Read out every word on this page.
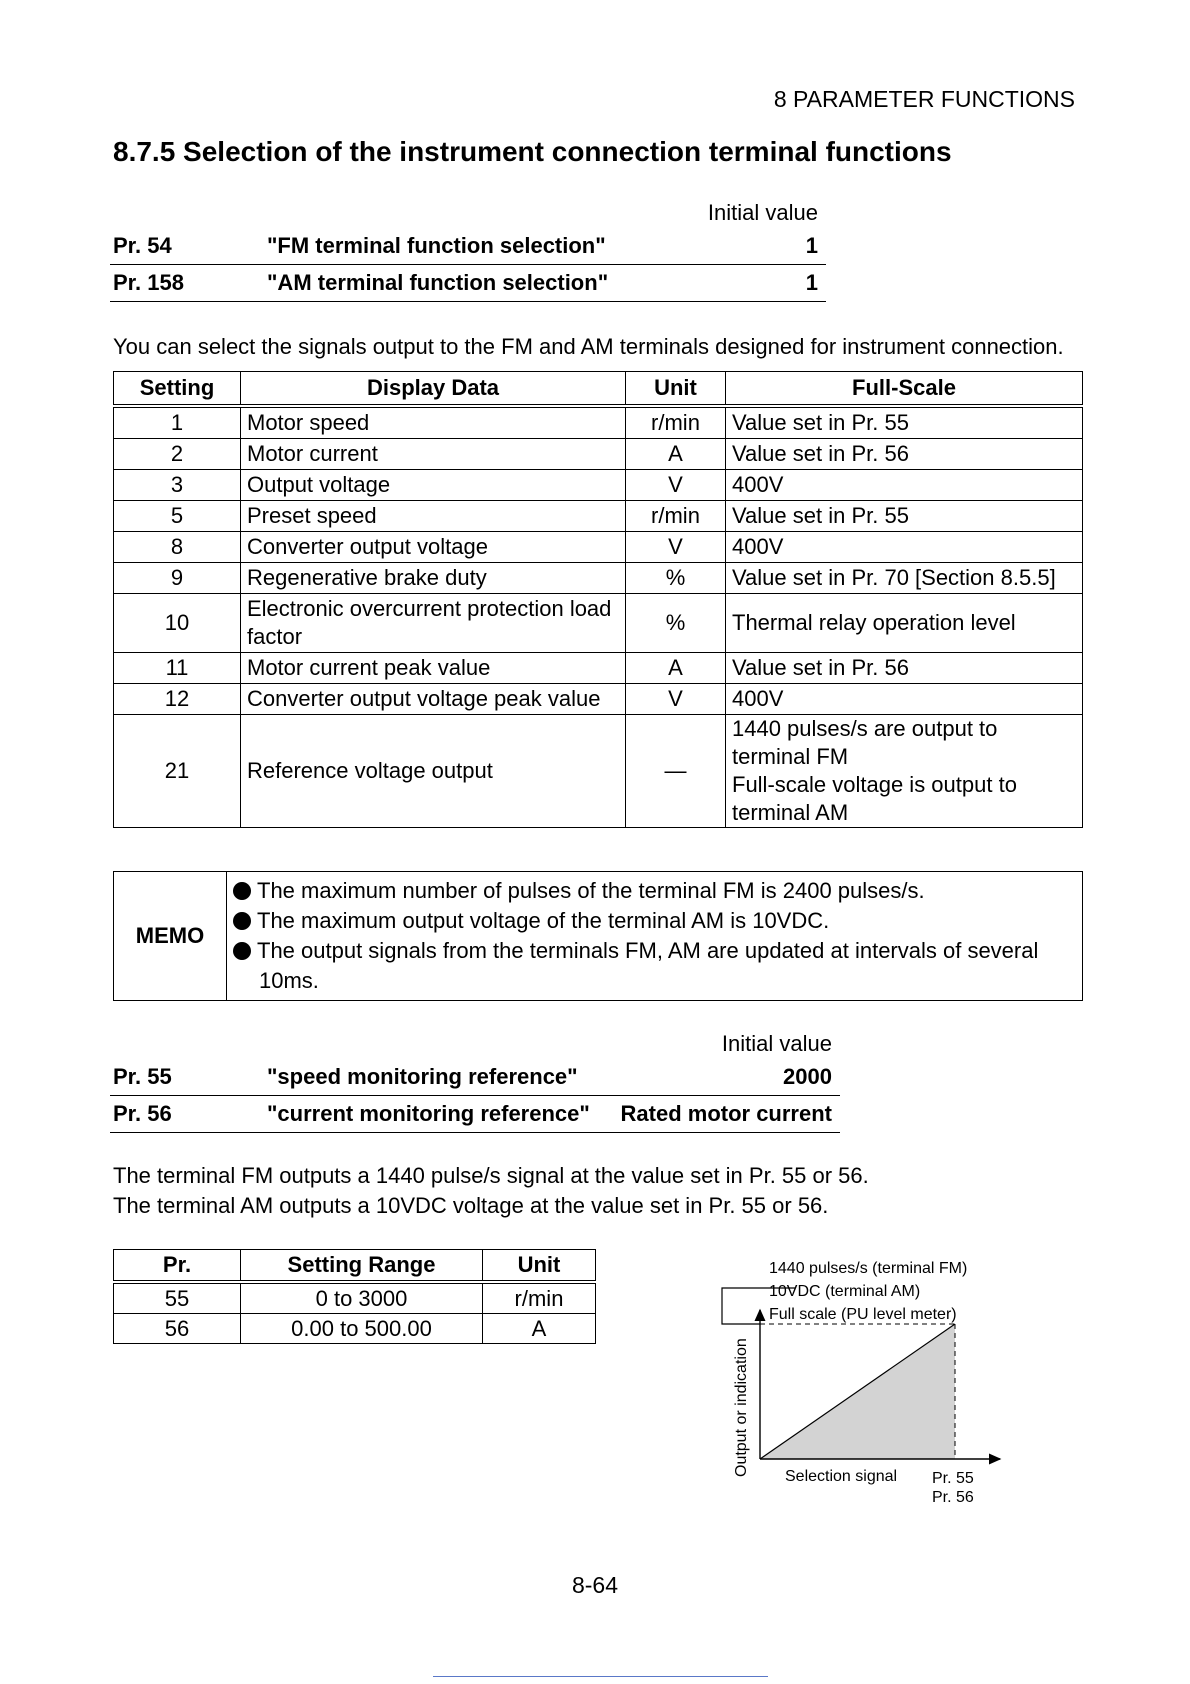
8 PARAMETER FUNCTIONS
8.7.5 Selection of the instrument connection terminal functions
Initial value
Pr. 54	"FM terminal function selection"	1
Pr. 158	"AM terminal function selection"	1
You can select the signals output to the FM and AM terminals designed for instrument connection.
Setting	Display Data	Unit	Full-Scale
1	Motor speed	r/min	Value set in Pr. 55
2	Motor current	A	Value set in Pr. 56
3	Output voltage	V	400V
5	Preset speed	r/min	Value set in Pr. 55
8	Converter output voltage	V	400V
9	Regenerative brake duty	%	Value set in Pr. 70 [Section 8.5.5]
10	Electronic overcurrent protection load factor	%	Thermal relay operation level
11	Motor current peak value	A	Value set in Pr. 56
12	Converter output voltage peak value	V	400V
21	Reference voltage output	—	1440 pulses/s are output to terminal FM
Full-scale voltage is output to terminal AM
MEMO	
The maximum number of pulses of the terminal FM is 2400 pulses/s.
The maximum output voltage of the terminal AM is 10VDC.
The output signals from the terminals FM, AM are updated at intervals of several 10ms.
Initial value
Pr. 55	"speed monitoring reference"	2000
Pr. 56	"current monitoring reference"	Rated motor current
The terminal FM outputs a 1440 pulse/s signal at the value set in Pr. 55 or 56.
The terminal AM outputs a 10VDC voltage at the value set in Pr. 55 or 56.
Pr.	Setting Range	Unit
55	0 to 3000	r/min
56	0.00 to 500.00	A
1440 pulses/s (terminal FM)
10VDC (terminal AM)
Full scale (PU level meter)
Output or indication Selection signal Pr. 55
Pr. 56
8-64
